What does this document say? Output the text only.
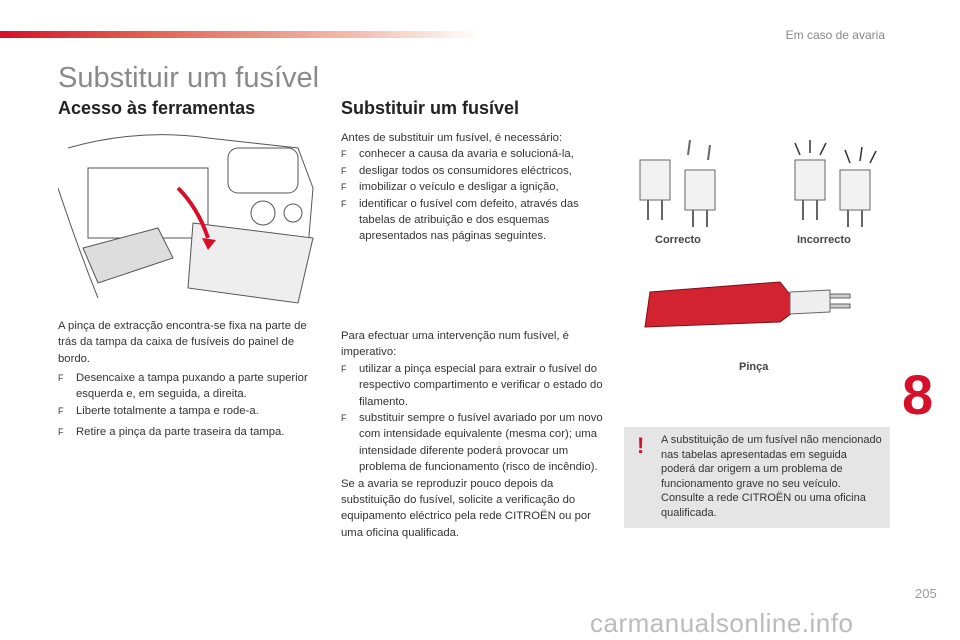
Em caso de avaria
Substituir um fusível
Acesso às ferramentas
A pinça de extracção encontra-se fixa na parte de trás da tampa da caixa de fusíveis do painel de bordo.
F	Desencaixe a tampa puxando a parte superior esquerda e, em seguida, a direita.
F	Liberte totalmente a tampa e rode-a.
F	Retire a pinça da parte traseira da tampa.
Substituir um fusível
Antes de substituir um fusível, é necessário:
F	conhecer a causa da avaria e solucioná-la,
F	desligar todos os consumidores eléctricos,
F	imobilizar o veículo e desligar a ignição,
F	identificar o fusível com defeito, através das tabelas de atribuição e dos esquemas apresentados nas páginas seguintes.
Para efectuar uma intervenção num fusível, é imperativo:
F	utilizar a pinça especial para extrair o fusível do respectivo compartimento e verificar o estado do filamento.
F	substituir sempre o fusível avariado por um novo com intensidade equivalente (mesma cor); uma intensidade diferente poderá provocar um problema de funcionamento (risco de incêndio).
Se a avaria se reproduzir pouco depois da substituição do fusível, solicite a verificação do equipamento eléctrico pela rede CITROËN ou por uma oficina qualificada.
Correcto	Incorrecto
Pinça
! A substituição de um fusível não mencionado nas tabelas apresentadas em seguida poderá dar origem a um problema de funcionamento grave no seu veículo. Consulte a rede CITROËN ou uma oficina qualificada.
8
205
carmanualsonline.info
